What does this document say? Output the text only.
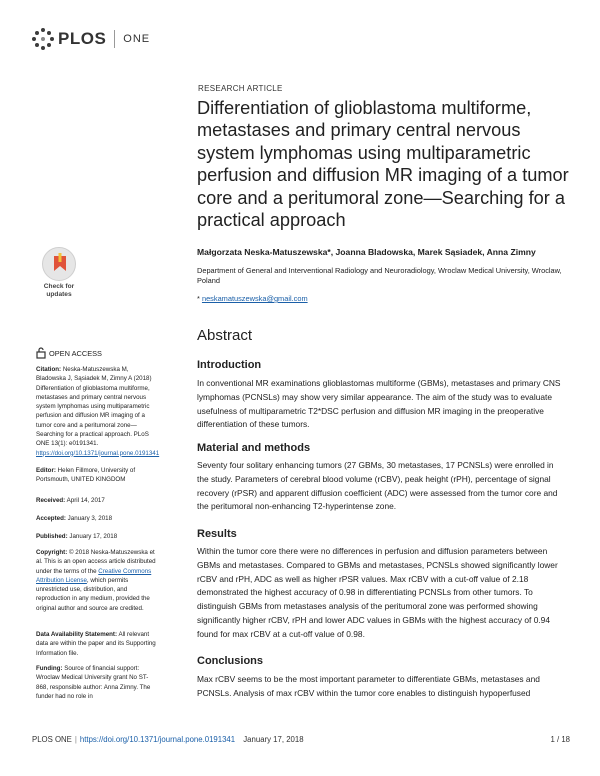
PLOS ONE
Check for
updates
OPEN ACCESS
Citation: Neska-Matuszewska M, Bladowska J, Sąsiadek M, Zimny A (2018) Differentiation of glioblastoma multiforme, metastases and primary central nervous system lymphomas using multiparametric perfusion and diffusion MR imaging of a tumor core and a peritumoral zone—Searching for a practical approach. PLoS ONE 13(1): e0191341. https://doi.org/10.1371/journal.pone.0191341
Editor: Helen Fillmore, University of Portsmouth, UNITED KINGDOM
Received: April 14, 2017
Accepted: January 3, 2018
Published: January 17, 2018
Copyright: © 2018 Neska-Matuszewska et al. This is an open access article distributed under the terms of the Creative Commons Attribution License, which permits unrestricted use, distribution, and reproduction in any medium, provided the original author and source are credited.
Data Availability Statement: All relevant data are within the paper and its Supporting Information file.
Funding: Source of financial support: Wroclaw Medical University grant No ST-868, responsible author: Anna Zimny. The funder had no role in
RESEARCH ARTICLE
Differentiation of glioblastoma multiforme, metastases and primary central nervous system lymphomas using multiparametric perfusion and diffusion MR imaging of a tumor core and a peritumoral zone—Searching for a practical approach
Małgorzata Neska-Matuszewska*, Joanna Bladowska, Marek Sąsiadek, Anna Zimny
Department of General and Interventional Radiology and Neuroradiology, Wroclaw Medical University, Wroclaw, Poland
* neskamatuszewska@gmail.com
Abstract
Introduction
In conventional MR examinations glioblastomas multiforme (GBMs), metastases and primary CNS lymphomas (PCNSLs) may show very similar appearance. The aim of the study was to evaluate usefulness of multiparametric T2*DSC perfusion and diffusion MR imaging in the preoperative differentiation of these tumors.
Material and methods
Seventy four solitary enhancing tumors (27 GBMs, 30 metastases, 17 PCNSLs) were enrolled in the study. Parameters of cerebral blood volume (rCBV), peak height (rPH), percentage of signal recovery (rPSR) and apparent diffusion coefficient (ADC) were assessed from the tumor core and the peritumoral non-enhancing T2-hyperintense zone.
Results
Within the tumor core there were no differences in perfusion and diffusion parameters between GBMs and metastases. Compared to GBMs and metastases, PCNSLs showed significantly lower rCBV and rPH, ADC as well as higher rPSR values. Max rCBV with a cut-off value of 2.18 demonstrated the highest accuracy of 0.98 in differentiating PCNSLs from other tumors. To distinguish GBMs from metastases analysis of the peritumoral zone was performed showing significantly higher rCBV, rPH and lower ADC values in GBMs with the highest accuracy of 0.94 found for max rCBV at a cut-off value of 0.98.
Conclusions
Max rCBV seems to be the most important parameter to differentiate GBMs, metastases and PCNSLs. Analysis of max rCBV within the tumor core enables to distinguish hypoperfused
PLOS ONE | https://doi.org/10.1371/journal.pone.0191341 January 17, 2018	1 / 18
